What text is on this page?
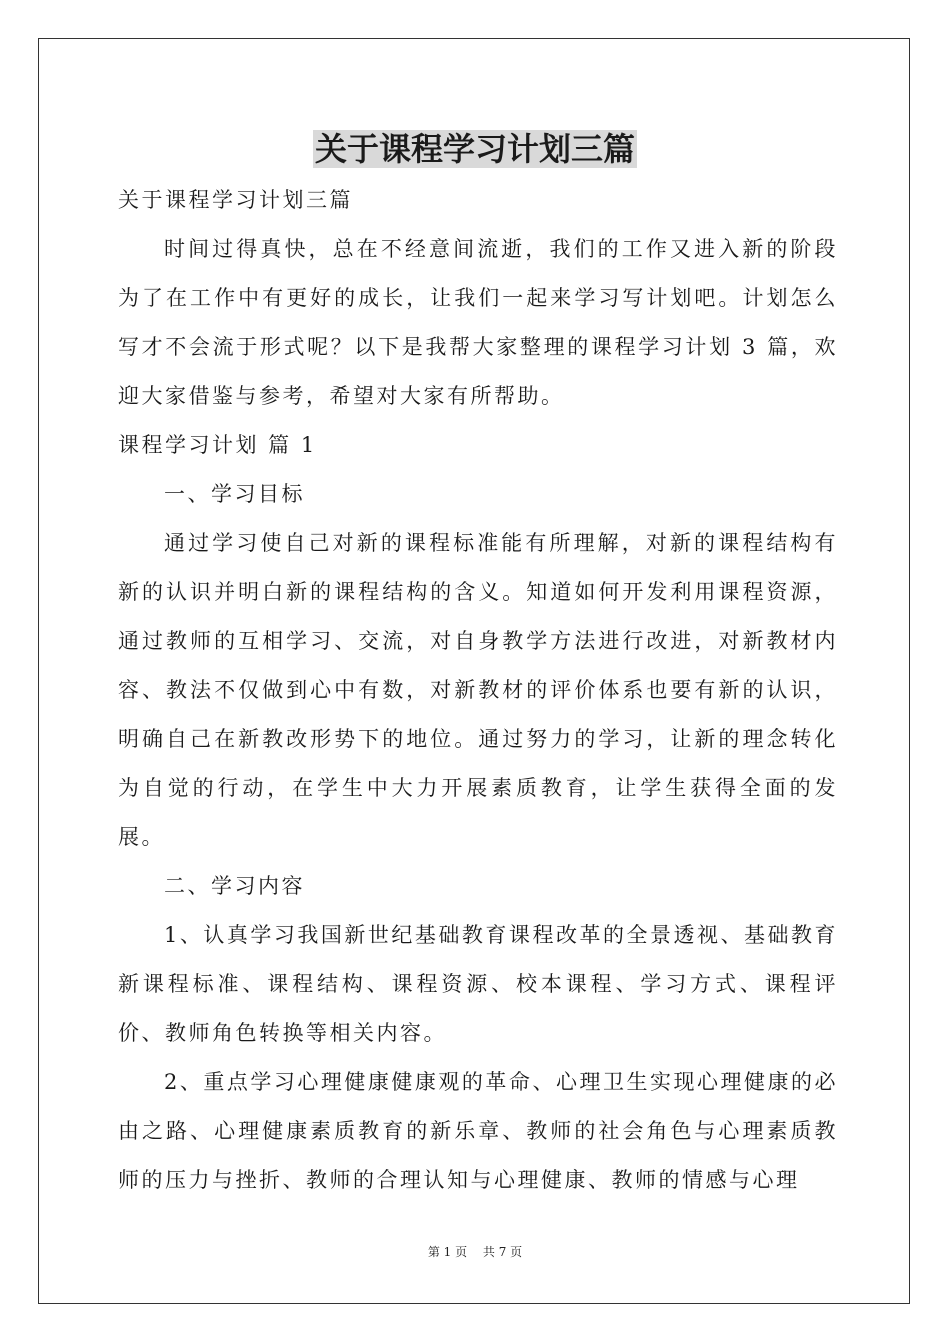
关于课程学习计划三篇

关于课程学习计划三篇

时间过得真快，总在不经意间流逝，我们的工作又进入新的阶段为了在工作中有更好的成长，让我们一起来学习写计划吧。计划怎么写才不会流于形式呢？以下是我帮大家整理的课程学习计划 3 篇，欢迎大家借鉴与参考，希望对大家有所帮助。

课程学习计划 篇 1

一、学习目标

通过学习使自己对新的课程标准能有所理解，对新的课程结构有新的认识并明白新的课程结构的含义。知道如何开发利用课程资源，通过教师的互相学习、交流，对自身教学方法进行改进，对新教材内容、教法不仅做到心中有数，对新教材的评价体系也要有新的认识，明确自己在新教改形势下的地位。通过努力的学习，让新的理念转化为自觉的行动，在学生中大力开展素质教育，让学生获得全面的发展。

二、学习内容

1、认真学习我国新世纪基础教育课程改革的全景透视、基础教育新课程标准、课程结构、课程资源、校本课程、学习方式、课程评价、教师角色转换等相关内容。

2、重点学习心理健康健康观的革命、心理卫生实现心理健康的必由之路、心理健康素质教育的新乐章、教师的社会角色与心理素质教师的压力与挫折、教师的合理认知与心理健康、教师的情感与心理

第 1 页 共 7 页
